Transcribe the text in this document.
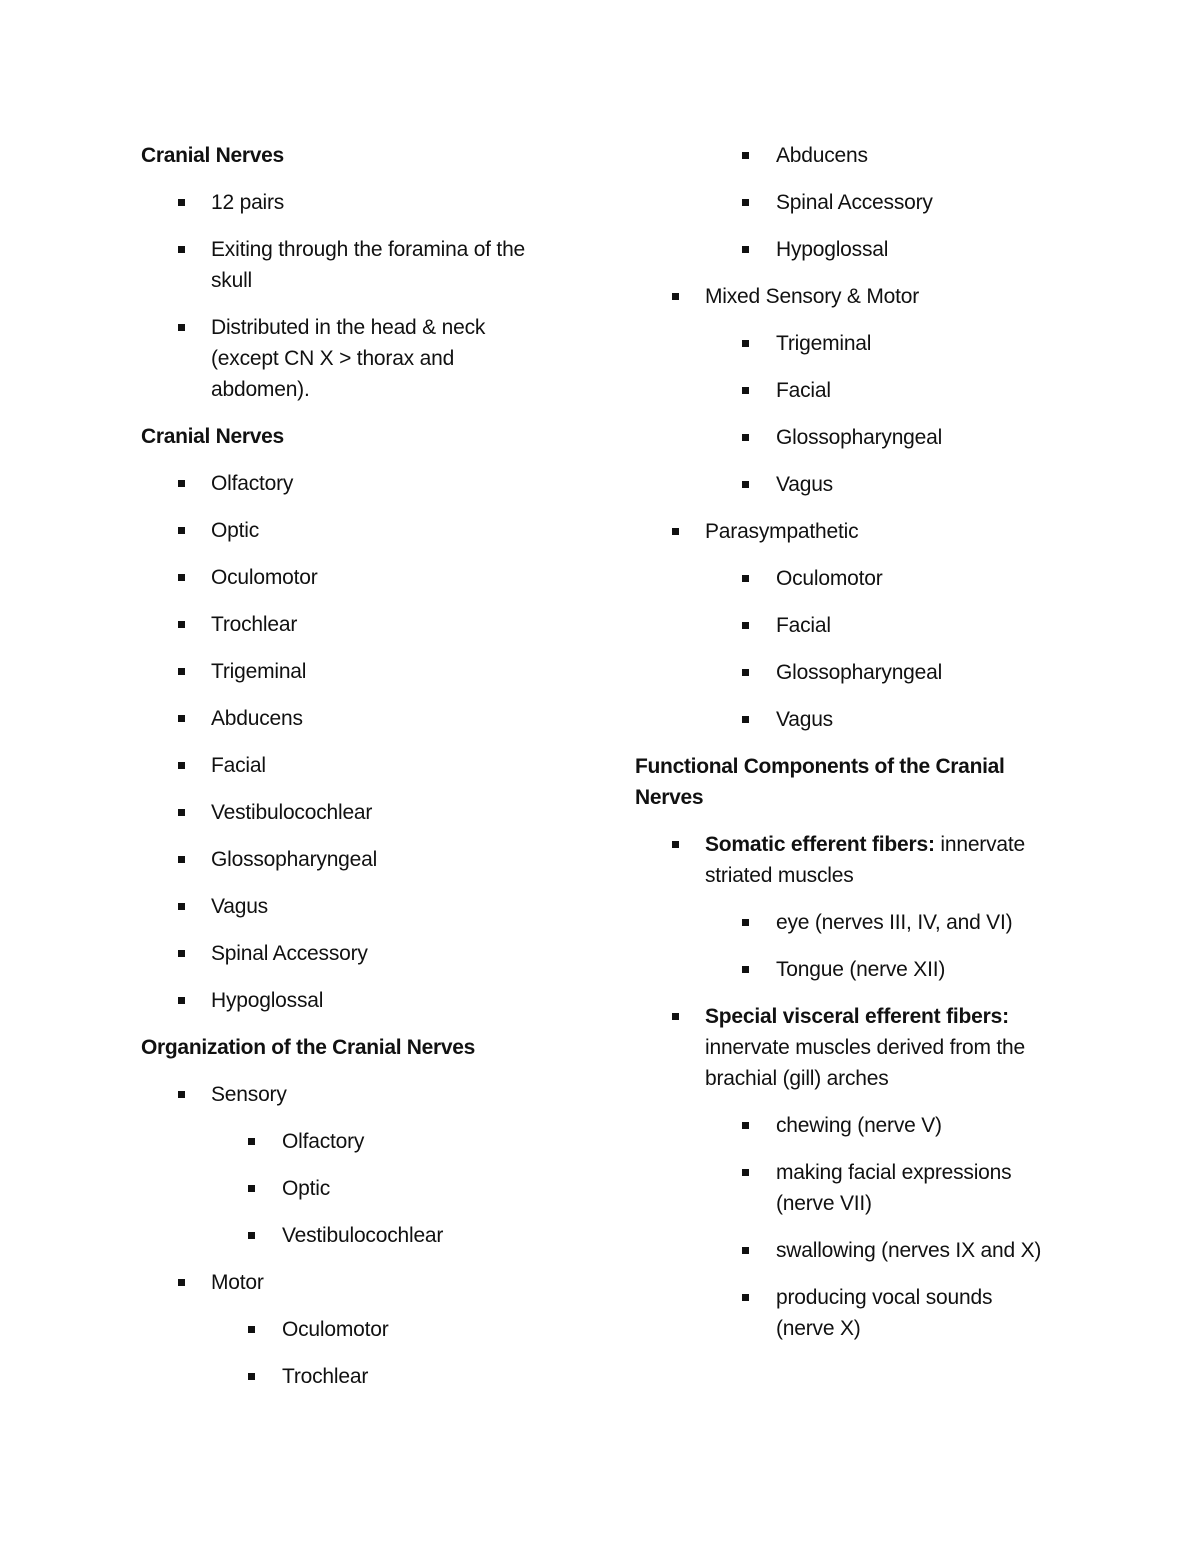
Cranial Nerves
12 pairs
Exiting through the foramina of the skull
Distributed in the head & neck (except CN X > thorax and abdomen).
Cranial Nerves
Olfactory
Optic
Oculomotor
Trochlear
Trigeminal
Abducens
Facial
Vestibulocochlear
Glossopharyngeal
Vagus
Spinal Accessory
Hypoglossal
Organization of the Cranial Nerves
Sensory
Olfactory
Optic
Vestibulocochlear
Motor
Oculomotor
Trochlear
Abducens
Spinal Accessory
Hypoglossal
Mixed Sensory & Motor
Trigeminal
Facial
Glossopharyngeal
Vagus
Parasympathetic
Oculomotor
Facial
Glossopharyngeal
Vagus
Functional Components of the Cranial Nerves
Somatic efferent fibers: innervate striated muscles
eye (nerves III, IV, and VI)
Tongue (nerve XII)
Special visceral efferent fibers: innervate muscles derived from the brachial (gill) arches
chewing (nerve V)
making facial expressions (nerve VII)
swallowing (nerves IX and X)
producing vocal sounds (nerve X)
